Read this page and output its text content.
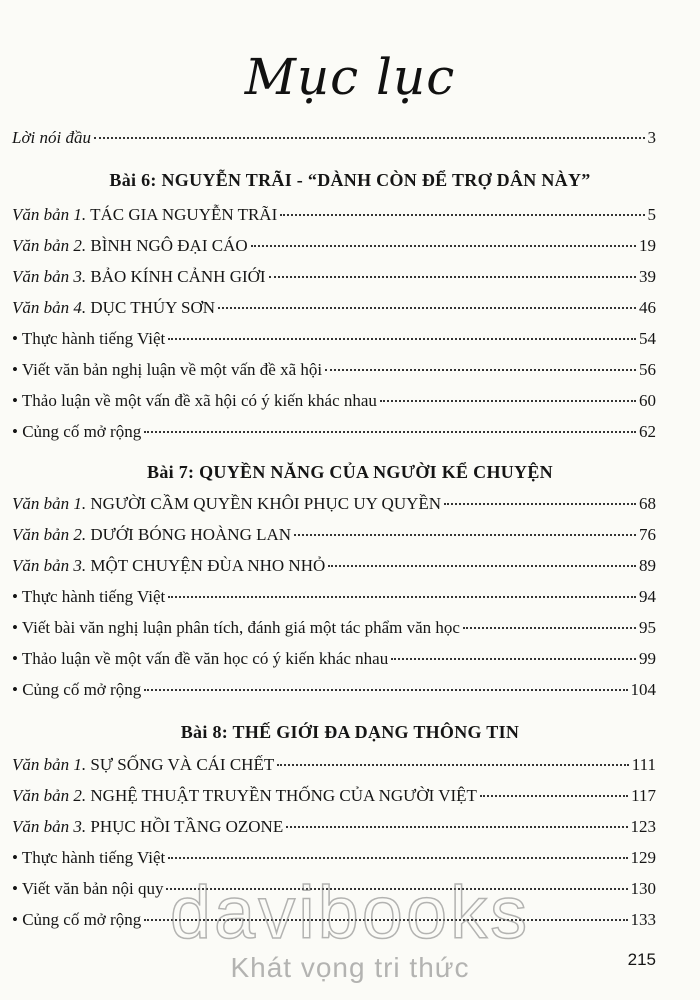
Mục lục
Lời nói đầu	3
Bài 6: NGUYỄN TRÃI - “DÀNH CÒN ĐỂ TRỢ DÂN NÀY”
Văn bản 1. TÁC GIA NGUYỄN TRÃI	5
Văn bản 2. BÌNH NGÔ ĐẠI CÁO	19
Văn bản 3. BẢO KÍNH CẢNH GIỚI	39
Văn bản 4. DỤC THÚY SƠN	46
• Thực hành tiếng Việt	54
• Viết văn bản nghị luận về một vấn đề xã hội	56
• Thảo luận về một vấn đề xã hội có ý kiến khác nhau	60
• Củng cố mở rộng	62
Bài 7: QUYỀN NĂNG CỦA NGƯỜI KỂ CHUYỆN
Văn bản 1. NGƯỜI CẦM QUYỀN KHÔI PHỤC UY QUYỀN	68
Văn bản 2. DƯỚI BÓNG HOÀNG LAN	76
Văn bản 3. MỘT CHUYỆN ĐÙA NHO NHỎ	89
• Thực hành tiếng Việt	94
• Viết bài văn nghị luận phân tích, đánh giá một tác phẩm văn học	95
• Thảo luận về một vấn đề văn học có ý kiến khác nhau	99
• Củng cố mở rộng	104
Bài 8: THẾ GIỚI ĐA DẠNG THÔNG TIN
Văn bản 1. SỰ SỐNG VÀ CÁI CHẾT	111
Văn bản 2. NGHỆ THUẬT TRUYỀN THỐNG CỦA NGƯỜI VIỆT	117
Văn bản 3. PHỤC HỒI TẦNG OZONE	123
• Thực hành tiếng Việt	129
• Viết văn bản nội quy	130
• Củng cố mở rộng	133
davibooks
Khát vọng tri thức	215
